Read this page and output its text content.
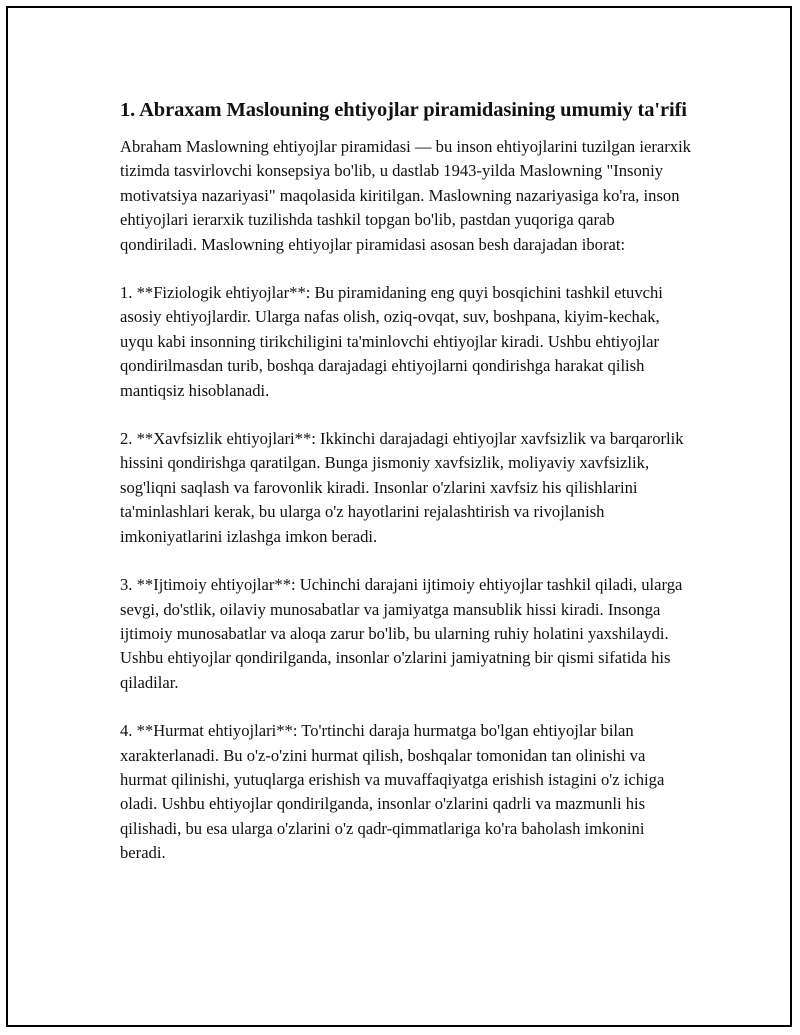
1. Abraxam Maslouning ehtiyojlar piramidasining umumiy ta'rifi

Abraham Maslowning ehtiyojlar piramidasi — bu inson ehtiyojlarini tuzilgan ierarxik tizimda tasvirlovchi konsepsiya bo'lib, u dastlab 1943-yilda Maslowning "Insoniy motivatsiya nazariyasi" maqolasida kiritilgan. Maslowning nazariyasiga ko'ra, inson ehtiyojlari ierarxik tuzilishda tashkil topgan bo'lib, pastdan yuqoriga qarab qondiriladi. Maslowning ehtiyojlar piramidasi asosan besh darajadan iborat:

1. **Fiziologik ehtiyojlar**: Bu piramidaning eng quyi bosqichini tashkil etuvchi asosiy ehtiyojlardir. Ularga nafas olish, oziq-ovqat, suv, boshpana, kiyim-kechak, uyqu kabi insonning tirikchiligini ta'minlovchi ehtiyojlar kiradi. Ushbu ehtiyojlar qondirilmasdan turib, boshqa darajadagi ehtiyojlarni qondirishga harakat qilish mantiqsiz hisoblanadi.

2. **Xavfsizlik ehtiyojlari**: Ikkinchi darajadagi ehtiyojlar xavfsizlik va barqarorlik hissini qondirishga qaratilgan. Bunga jismoniy xavfsizlik, moliyaviy xavfsizlik, sog'liqni saqlash va farovonlik kiradi. Insonlar o'zlarini xavfsiz his qilishlarini ta'minlashlari kerak, bu ularga o'z hayotlarini rejalashtirish va rivojlanish imkoniyatlarini izlashga imkon beradi.

3. **Ijtimoiy ehtiyojlar**: Uchinchi darajani ijtimoiy ehtiyojlar tashkil qiladi, ularga sevgi, do'stlik, oilaviy munosabatlar va jamiyatga mansublik hissi kiradi. Insonga ijtimoiy munosabatlar va aloqa zarur bo'lib, bu ularning ruhiy holatini yaxshilaydi. Ushbu ehtiyojlar qondirilganda, insonlar o'zlarini jamiyatning bir qismi sifatida his qiladilar.

4. **Hurmat ehtiyojlari**: To'rtinchi daraja hurmatga bo'lgan ehtiyojlar bilan xarakterlanadi. Bu o'z-o'zini hurmat qilish, boshqalar tomonidan tan olinishi va hurmat qilinishi, yutuqlarga erishish va muvaffaqiyatga erishish istagini o'z ichiga oladi. Ushbu ehtiyojlar qondirilganda, insonlar o'zlarini qadrli va mazmunli his qilishadi, bu esa ularga o'zlarini o'z qadr-qimmatlariga ko'ra baholash imkonini beradi.
